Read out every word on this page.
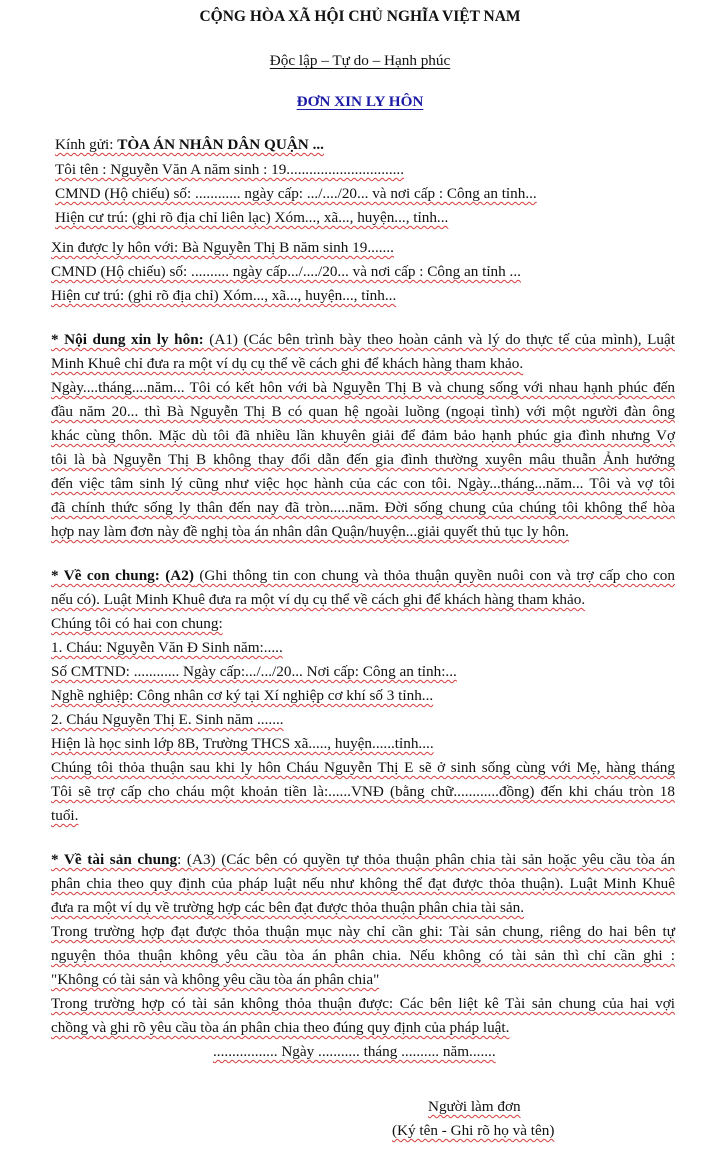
CỘNG HÒA XÃ HỘI CHỦ NGHĨA VIỆT NAM
Độc lập – Tự do – Hạnh phúc
ĐƠN XIN LY HÔN
Kính gửi: TÒA ÁN NHÂN DÂN QUẬN ...
Tôi tên : Nguyễn Văn A năm sinh : 19...............................
CMND (Hộ chiếu) số: ............ ngày cấp: .../..../20... và nơi cấp : Công an tỉnh...
Hiện cư trú: (ghi rõ địa chỉ liên lạc) Xóm..., xã..., huyện..., tỉnh...
Xin được ly hôn với: Bà Nguyễn Thị B năm sinh 19.......
CMND (Hộ chiếu) số: .......... ngày cấp.../..../20... và nơi cấp : Công an tỉnh ...
Hiện cư trú: (ghi rõ địa chỉ) Xóm..., xã..., huyện..., tỉnh...
* Nội dung xin ly hôn: (A1) (Các bên trình bày theo hoàn cảnh và lý do thực tế của mình), Luật
Minh Khuê chỉ đưa ra một ví dụ cụ thể về cách ghi để khách hàng tham khảo.
Ngày....tháng....năm... Tôi có kết hôn với bà Nguyễn Thị B và chung sống với nhau hạnh phúc đến
đầu năm 20... thì Bà Nguyễn Thị B có quan hệ ngoài luồng (ngoại tình) với một người đàn ông
khác cùng thôn. Mặc dù tôi đã nhiều lần khuyên giải để đảm bảo hạnh phúc gia đình nhưng Vợ
tôi là bà Nguyễn Thị B không thay đổi dẫn đến gia đình thường xuyên mâu thuẫn Ảnh hưởng
đến việc tâm sinh lý cũng như việc học hành của các con tôi. Ngày...tháng...năm... Tôi và vợ tôi
đã chính thức sống ly thân đến nay đã tròn.....năm. Đời sống chung của chúng tôi không thể hòa
hợp nay làm đơn này đề nghị tòa án nhân dân Quận/huyện...giải quyết thủ tục ly hôn.
* Về con chung: (A2) (Ghi thông tin con chung và thỏa thuận quyền nuôi con và trợ cấp cho con
nếu có). Luật Minh Khuê đưa ra một ví dụ cụ thể về cách ghi để khách hàng tham khảo.
Chúng tôi có hai con chung:
1. Cháu: Nguyễn Văn Đ Sinh năm:.....
Số CMTND: ............ Ngày cấp:.../.../20... Nơi cấp: Công an tỉnh:...
Nghề nghiệp: Công nhân cơ ký tại Xí nghiệp cơ khí số 3 tỉnh...
2. Cháu Nguyễn Thị E. Sinh năm .......
Hiện là học sinh lớp 8B, Trường THCS xã....., huyện......tỉnh....
Chúng tôi thỏa thuận sau khi ly hôn Cháu Nguyễn Thị E sẽ ở sinh sống cùng với Mẹ, hàng tháng
Tôi sẽ trợ cấp cho cháu một khoản tiền là:......VNĐ (bằng chữ............đồng) đến khi cháu tròn 18
tuổi.
* Về tài sản chung: (A3) (Các bên có quyền tự thỏa thuận phân chia tài sản hoặc yêu cầu tòa án
phân chia theo quy định của pháp luật nếu như không thể đạt được thỏa thuận). Luật Minh Khuê
đưa ra một ví dụ về trường hợp các bên đạt được thỏa thuận phân chia tài sản.
Trong trường hợp đạt được thỏa thuận mục này chỉ cần ghi: Tài sản chung, riêng do hai bên tự
nguyện thỏa thuận không yêu cầu tòa án phân chia. Nếu không có tài sản thì chỉ cần ghi :
"Không có tài sản và không yêu cầu tòa án phân chia"
Trong trường hợp có tài sản không thỏa thuận được: Các bên liệt kê Tài sản chung của hai vợi
chồng và ghi rõ yêu cầu tòa án phân chia theo đúng quy định của pháp luật.
................. Ngày ........... tháng .......... năm.......
Người làm đơn
(Ký tên - Ghi rõ họ và tên)
